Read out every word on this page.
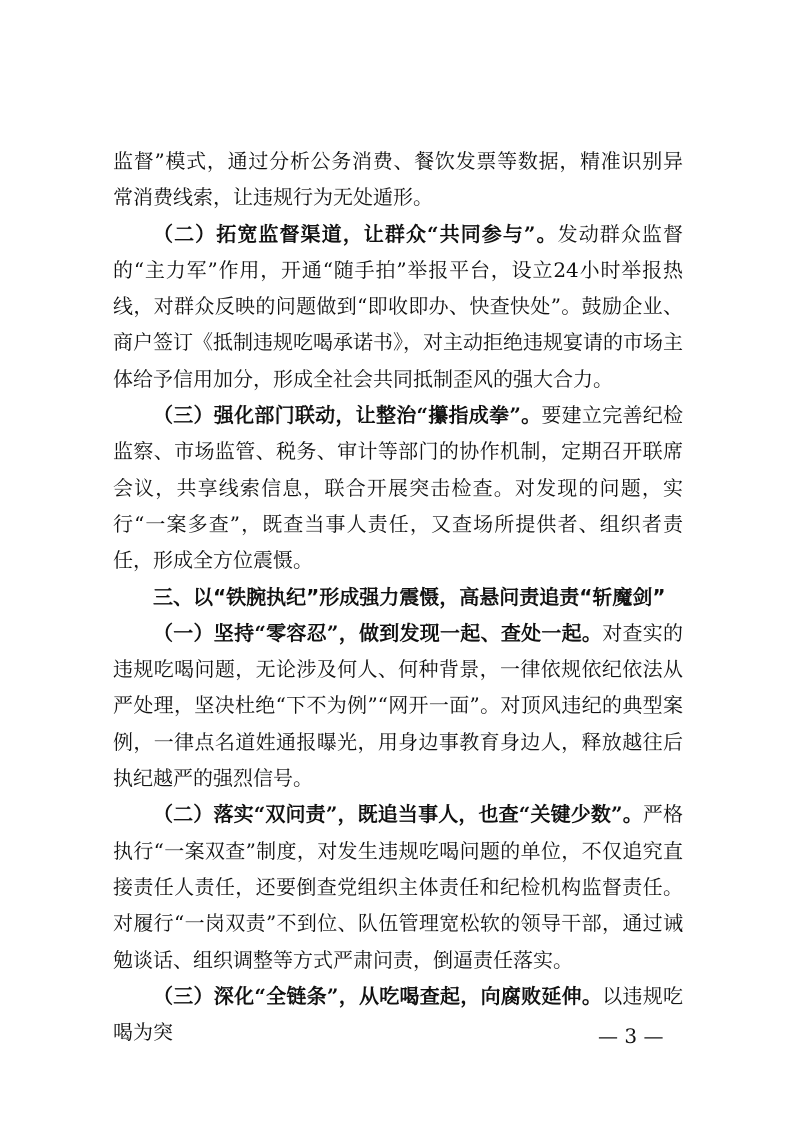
监督”模式，通过分析公务消费、餐饮发票等数据，精准识别异常消费线索，让违规行为无处遁形。

（二）拓宽监督渠道，让群众“共同参与”。发动群众监督的“主力军”作用，开通“随手拍”举报平台，设立24小时举报热线，对群众反映的问题做到“即收即办、快查快处”。鼓励企业、商户签订《抵制违规吃喝承诺书》，对主动拒绝违规宴请的市场主体给予信用加分，形成全社会共同抵制歪风的强大合力。

（三）强化部门联动，让整治“攥指成拳”。要建立完善纪检监察、市场监管、税务、审计等部门的协作机制，定期召开联席会议，共享线索信息，联合开展突击检查。对发现的问题，实行“一案多查”，既查当事人责任，又查场所提供者、组织者责任，形成全方位震慑。

三、以“铁腕执纪”形成强力震慑，高悬问责追责“斩魔剑”

（一）坚持“零容忍”，做到发现一起、查处一起。对查实的违规吃喝问题，无论涉及何人、何种背景，一律依规依纪依法从严处理，坚决杜绝“下不为例”“网开一面”。对顶风违纪的典型案例，一律点名道姓通报曝光，用身边事教育身边人，释放越往后执纪越严的强烈信号。

（二）落实“双问责”，既追当事人，也查“关键少数”。严格执行“一案双查”制度，对发生违规吃喝问题的单位，不仅追究直接责任人责任，还要倒查党组织主体责任和纪检机构监督责任。对履行“一岗双责”不到位、队伍管理宽松软的领导干部，通过诫勉谈话、组织调整等方式严肃问责，倒逼责任落实。

（三）深化“全链条”，从吃喝查起，向腐败延伸。以违规吃喝为突	— 3 —
